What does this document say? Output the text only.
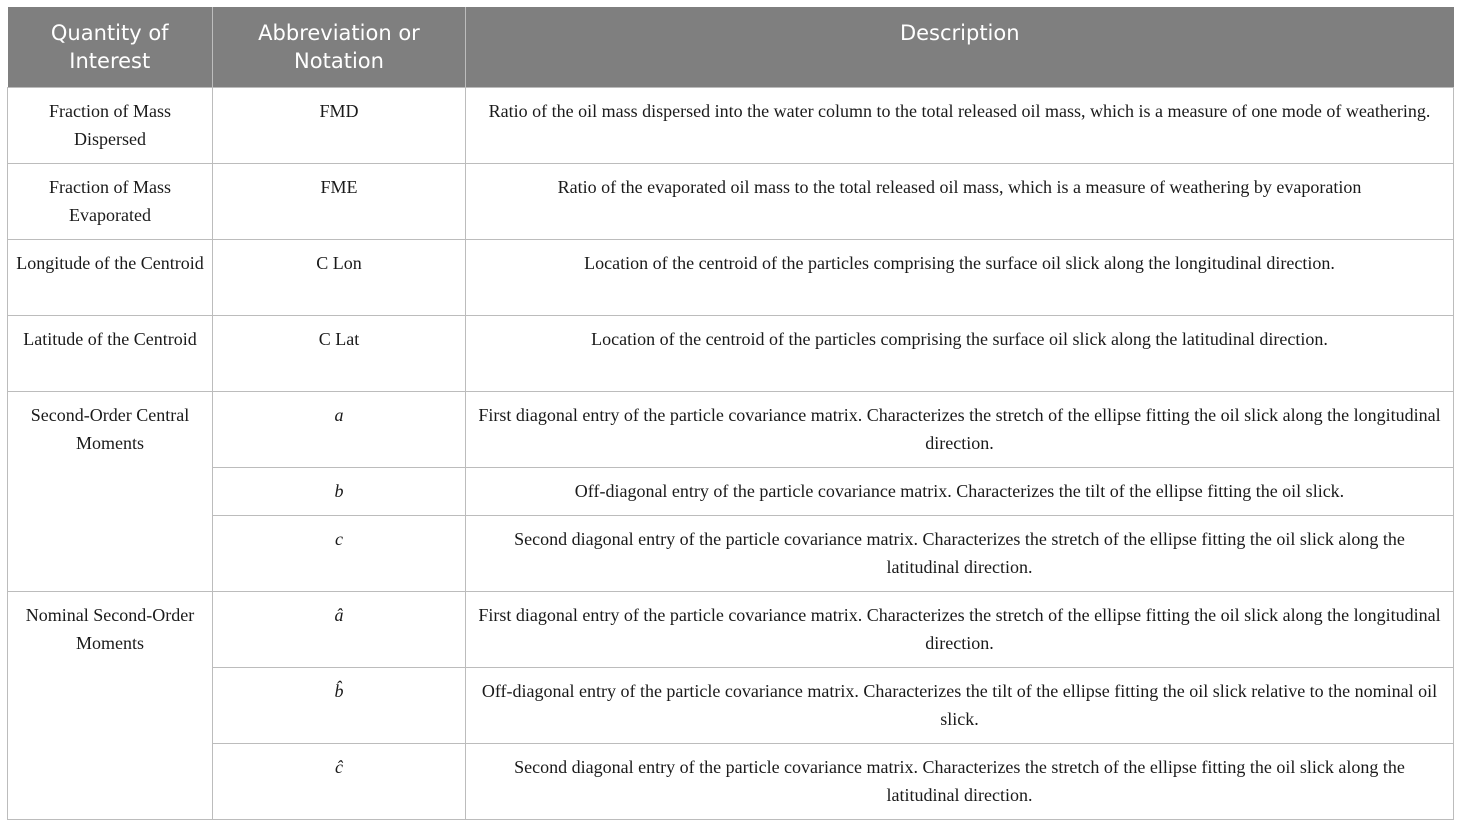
Quantity of Interest	Abbreviation or Notation	Description
Fraction of Mass Dispersed	FMD	Ratio of the oil mass dispersed into the water column to the total released oil mass, which is a measure of one mode of weathering.
Fraction of Mass Evaporated	FME	Ratio of the evaporated oil mass to the total released oil mass, which is a measure of weathering by evaporation
Longitude of the Centroid	C Lon	Location of the centroid of the particles comprising the surface oil slick along the longitudinal direction.
Latitude of the Centroid	C Lat	Location of the centroid of the particles comprising the surface oil slick along the latitudinal direction.
Second-Order Central Moments	a	First diagonal entry of the particle covariance matrix. Characterizes the stretch of the ellipse fitting the oil slick along the longitudinal direction.
	b	Off-diagonal entry of the particle covariance matrix. Characterizes the tilt of the ellipse fitting the oil slick.
	c	Second diagonal entry of the particle covariance matrix. Characterizes the stretch of the ellipse fitting the oil slick along the latitudinal direction.
Nominal Second-Order Moments	â	First diagonal entry of the particle covariance matrix. Characterizes the stretch of the ellipse fitting the oil slick along the longitudinal direction.
	b̂	Off-diagonal entry of the particle covariance matrix. Characterizes the tilt of the ellipse fitting the oil slick relative to the nominal oil slick.
	ĉ	Second diagonal entry of the particle covariance matrix. Characterizes the stretch of the ellipse fitting the oil slick along the latitudinal direction.
